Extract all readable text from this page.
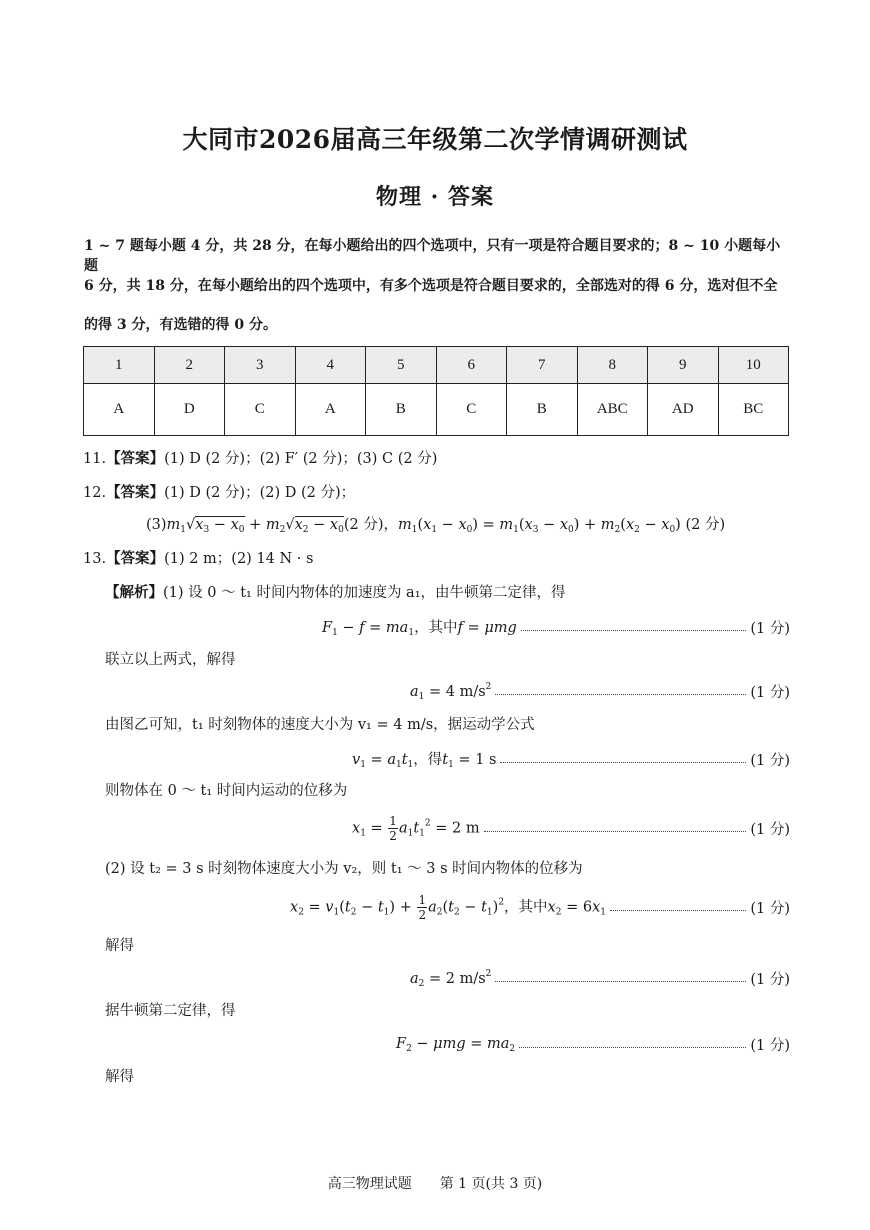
大同市2026届高三年级第二次学情调研测试
物理 · 答案
1 ~ 7 题每小题 4 分，共 28 分，在每小题给出的四个选项中，只有一项是符合题目要求的；8 ~ 10 小题每小题
6 分，共 18 分，在每小题给出的四个选项中，有多个选项是符合题目要求的，全部选对的得 6 分，选对但不全
的得 3 分，有选错的得 0 分。
1	2	3	4	5	6	7	8	9	10
A	D	C	A	B	C	B	ABC	AD	BC
11.【答案】(1) D (2 分)；(2) F′ (2 分)；(3) C (2 分)
12.【答案】(1) D (2 分)；(2) D (2 分)；
$(3)m_1√x_3 - x_0 + m_2√x_2 - x_0(2$ 分)，$m_1(x_1 - x_0) = m_1(x_3 - x_0) + m_2(x_2 - x_0)$ (2 分)
13.【答案】(1) 2 m；(2) 14 N · s
【解析】(1) 设 0 ～ t₁ 时间内物体的加速度为 a₁，由牛顿第二定律，得
$F_1 - f = ma_1$，其中f = μmg	(1 分)
联立以上两式，解得
$a_1 = 4$ $m/s^2$	(1 分)
由图乙可知，t₁ 时刻物体的速度大小为 v₁ = 4 m/s，据运动学公式
$v_1 = a_1t_1$，得$t_1 = 1$ s	(1 分)
则物体在 0 ～ t₁ 时间内运动的位移为
$x_1 = \frac{1}{2} a_1t_1^2 = 2$ m	(1 分)
(2) 设 t₂ = 3 s 时刻物体速度大小为 v₂，则 t₁ ～ 3 s 时间内物体的位移为
$x_2 = v_1(t_2 - t_1) + \frac{1}{2} a_2(t_2 - t_1)^2$，其中$x_2 = 6x_1$	(1 分)
解得
$a_2 = 2$ $m/s^2$	(1 分)
据牛顿第二定律，得
$F_2 - \mu mg = ma_2$	(1 分)
解得
高三物理试题　　第 1 页(共 3 页)
